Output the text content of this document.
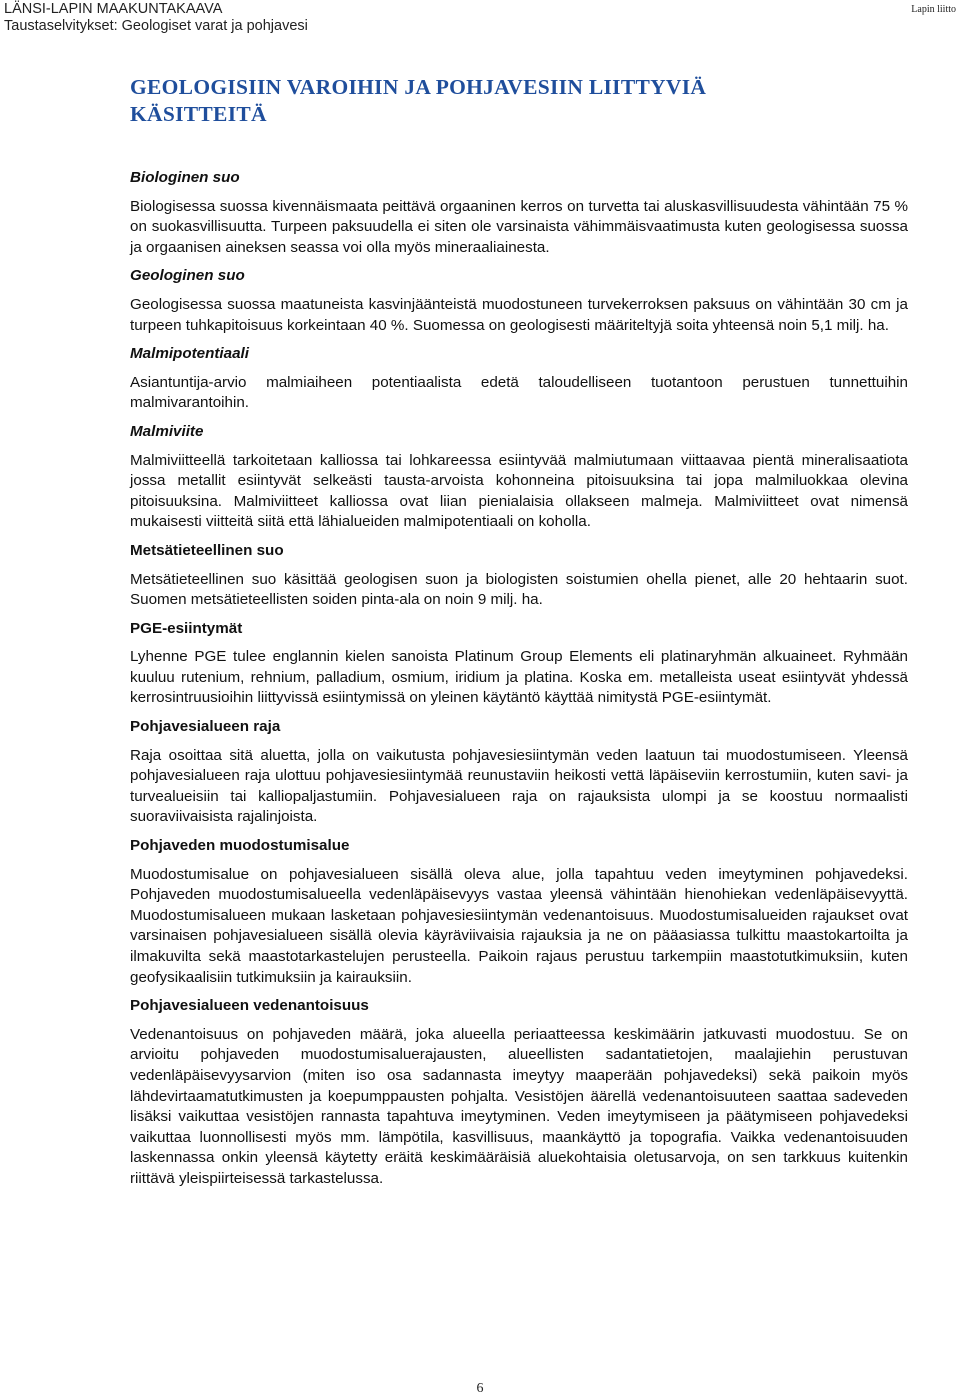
LÄNSI-LAPIN MAAKUNTAKAAVA
Taustaselvitykset: Geologiset varat ja pohjavesi
Lapin liitto
GEOLOGISIIN VAROIHIN JA POHJAVESIIN LIITTYVIÄ
KÄSITTEITÄ

Biologinen suo

Biologisessa suossa kivennäismaata peittävä orgaaninen kerros on turvetta tai aluskasvillisuudesta vähintään 75 % on suokasvillisuutta. Turpeen paksuudella ei siten ole varsinaista vähimmäisvaatimusta kuten geologisessa suossa ja orgaanisen aineksen seassa voi olla myös mineraaliainesta.

Geologinen suo

Geologisessa suossa maatuneista kasvinjäänteistä muodostuneen turvekerroksen paksuus on vähintään 30 cm ja turpeen tuhkapitoisuus korkeintaan 40 %. Suomessa on geologisesti määriteltyjä soita yhteensä noin 5,1 milj. ha.

Malmipotentiaali

Asiantuntija-arvio malmiaiheen potentiaalista edetä taloudelliseen tuotantoon perustuen tunnettuihin malmivarantoihin.

Malmiviite

Malmiviitteellä tarkoitetaan kalliossa tai lohkareessa esiintyvää malmiutumaan viittaavaa pientä mineralisaatiota jossa metallit esiintyvät selkeästi tausta-arvoista kohonneina pitoisuuksina tai jopa malmiluokkaa olevina pitoisuuksina. Malmiviitteet kalliossa ovat liian pienialaisia ollakseen malmeja. Malmiviitteet ovat nimensä mukaisesti viitteitä siitä että lähialueiden malmipotentiaali on koholla.

Metsätieteellinen suo

Metsätieteellinen suo käsittää geologisen suon ja biologisten soistumien ohella pienet, alle 20 hehtaarin suot. Suomen metsätieteellisten soiden pinta-ala on noin 9 milj. ha.

PGE-esiintymät

Lyhenne PGE tulee englannin kielen sanoista Platinum Group Elements eli platinaryhmän alkuaineet. Ryhmään kuuluu rutenium, rehnium, palladium, osmium, iridium ja platina. Koska em. metalleista useat esiintyvät yhdessä kerrosintruusioihin liittyvissä esiintymissä on yleinen käytäntö käyttää nimitystä PGE-esiintymät.

Pohjavesialueen raja

Raja osoittaa sitä aluetta, jolla on vaikutusta pohjavesiesiintymän veden laatuun tai muodostumiseen. Yleensä pohjavesialueen raja ulottuu pohjavesiesiintymää reunustaviin heikosti vettä läpäiseviin kerrostumiin, kuten savi- ja turvealueisiin tai kalliopaljastumiin. Pohjavesialueen raja on rajauksista ulompi ja se koostuu normaalisti suoraviivaisista rajalinjoista.

Pohjaveden muodostumisalue

Muodostumisalue on pohjavesialueen sisällä oleva alue, jolla tapahtuu veden imeytyminen pohjavedeksi. Pohjaveden muodostumisalueella vedenläpäisevyys vastaa yleensä vähintään hienohiekan vedenläpäisevyyttä. Muodostumisalueen mukaan lasketaan pohjavesiesiintymän vedenantoisuus. Muodostumisalueiden rajaukset ovat varsinaisen pohjavesialueen sisällä olevia käyräviivaisia rajauksia ja ne on pääasiassa tulkittu maastokartoilta ja ilmakuvilta sekä maastotarkastelujen perusteella. Paikoin rajaus perustuu tarkempiin maastotutkimuksiin, kuten geofysikaalisiin tutkimuksiin ja kairauksiin.

Pohjavesialueen vedenantoisuus

Vedenantoisuus on pohjaveden määrä, joka alueella periaatteessa keskimäärin jatkuvasti muodostuu. Se on arvioitu pohjaveden muodostumisaluerajausten, alueellisten sadantatietojen, maalajiehin perustuvan vedenläpäisevyysarvion (miten iso osa sadannasta imeytyy maaperään pohjavedeksi) sekä paikoin myös lähdevirtaamatutkimusten ja koepumppausten pohjalta. Vesistöjen äärellä vedenantoisuuteen saattaa sadeveden lisäksi vaikuttaa vesistöjen rannasta tapahtuva imeytyminen. Veden imeytymiseen ja päätymiseen pohjavedeksi vaikuttaa luonnollisesti myös mm. lämpötila, kasvillisuus, maankäyttö ja topografia. Vaikka vedenantoisuuden laskennassa onkin yleensä käytetty eräitä keskimääräisiä aluekohtaisia oletusarvoja, on sen tarkkuus kuitenkin riittävä yleispiirteisessä tarkastelussa.

6
